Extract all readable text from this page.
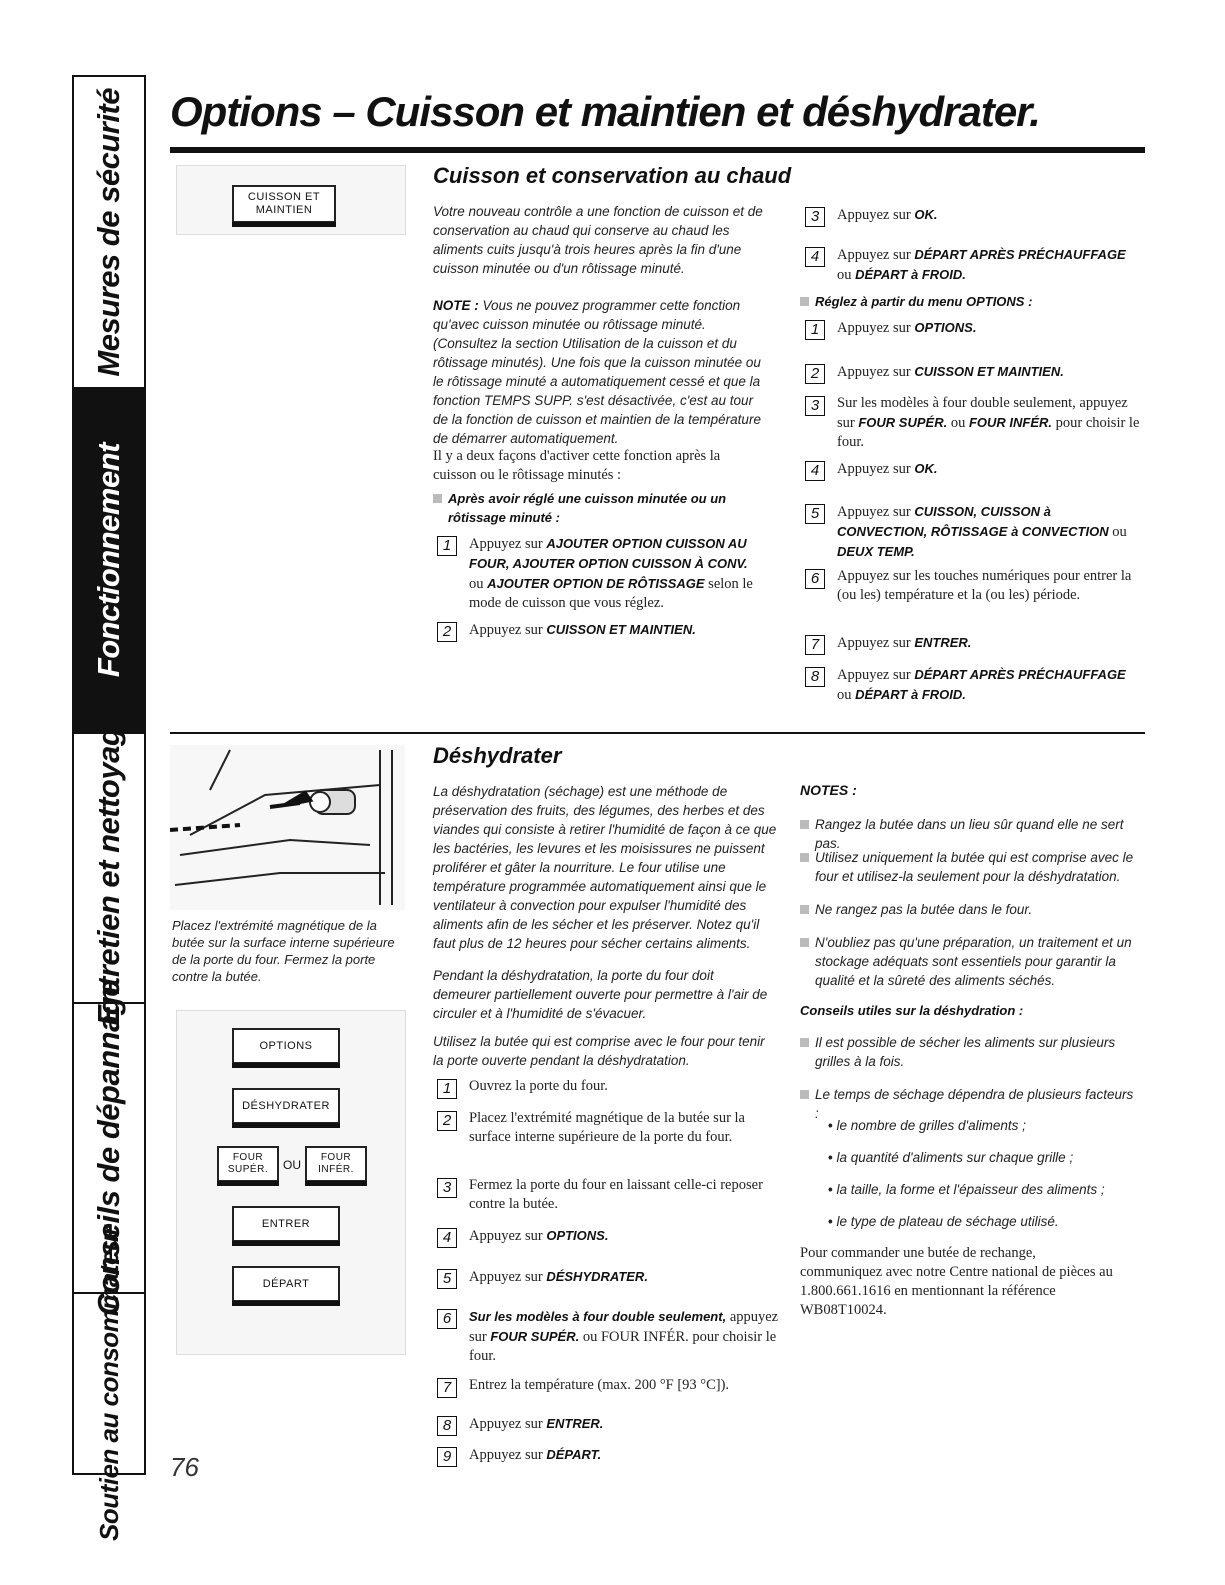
Mesures de sécurité
Fonctionnement
Entretien et nettoyage
Conseils de dépannage
Soutien au consommateur
Options – Cuisson et maintien et déshydrater.
CUISSON ET MAINTIEN
Cuisson et conservation au chaud
Votre nouveau contrôle a une fonction de cuisson et de conservation au chaud qui conserve au chaud les aliments cuits jusqu'à trois heures après la fin d'une cuisson minutée ou d'un rôtissage minuté.
NOTE : Vous ne pouvez programmer cette fonction qu'avec cuisson minutée ou rôtissage minuté. (Consultez la section Utilisation de la cuisson et du rôtissage minutés). Une fois que la cuisson minutée ou le rôtissage minuté a automatiquement cessé et que la fonction TEMPS SUPP. s'est désactivée, c'est au tour de la fonction de cuisson et maintien de la température de démarrer automatiquement.
Il y a deux façons d'activer cette fonction après la cuisson ou le rôtissage minutés :
Après avoir réglé une cuisson minutée ou un rôtissage minuté :
1	Appuyez sur AJOUTER OPTION CUISSON AU FOUR, AJOUTER OPTION CUISSON À CONV. ou AJOUTER OPTION DE RÔTISSAGE selon le mode de cuisson que vous réglez.
2	Appuyez sur CUISSON ET MAINTIEN.
3	Appuyez sur OK.
4	Appuyez sur DÉPART APRÈS PRÉCHAUFFAGE ou DÉPART à FROID.
Réglez à partir du menu OPTIONS :
1	Appuyez sur OPTIONS.
2	Appuyez sur CUISSON ET MAINTIEN.
3	Sur les modèles à four double seulement, appuyez sur FOUR SUPÉR. ou FOUR INFÉR. pour choisir le four.
4	Appuyez sur OK.
5	Appuyez sur CUISSON, CUISSON à CONVECTION, RÔTISSAGE à CONVECTION ou DEUX TEMP.
6	Appuyez sur les touches numériques pour entrer la (ou les) température et la (ou les) période.
7	Appuyez sur ENTRER.
8	Appuyez sur DÉPART APRÈS PRÉCHAUFFAGE ou DÉPART à FROID.
Placez l'extrémité magnétique de la butée sur la surface interne supérieure de la porte du four. Fermez la porte contre la butée.
OPTIONS
DÉSHYDRATER
FOUR SUPÉR. OU
FOUR INFÉR.
ENTRER
DÉPART
Déshydrater
La déshydratation (séchage) est une méthode de préservation des fruits, des légumes, des herbes et des viandes qui consiste à retirer l'humidité de façon à ce que les bactéries, les levures et les moisissures ne puissent proliférer et gâter la nourriture. Le four utilise une température programmée automatiquement ainsi que le ventilateur à convection pour expulser l'humidité des aliments afin de les sécher et les préserver. Notez qu'il faut plus de 12 heures pour sécher certains aliments.
Pendant la déshydratation, la porte du four doit demeurer partiellement ouverte pour permettre à l'air de circuler et à l'humidité de s'évacuer.
Utilisez la butée qui est comprise avec le four pour tenir la porte ouverte pendant la déshydratation.
1	Ouvrez la porte du four.
2	Placez l'extrémité magnétique de la butée sur la surface interne supérieure de la porte du four.
3	Fermez la porte du four en laissant celle-ci reposer contre la butée.
4	Appuyez sur OPTIONS.
5	Appuyez sur DÉSHYDRATER.
6	Sur les modèles à four double seulement, appuyez sur FOUR SUPÉR. ou FOUR INFÉR. pour choisir le four.
7	Entrez la température (max. 200 °F [93 °C]).
8	Appuyez sur ENTRER.
9	Appuyez sur DÉPART.
NOTES :
Rangez la butée dans un lieu sûr quand elle ne sert pas.
Utilisez uniquement la butée qui est comprise avec le four et utilisez-la seulement pour la déshydratation.
Ne rangez pas la butée dans le four.
N'oubliez pas qu'une préparation, un traitement et un stockage adéquats sont essentiels pour garantir la qualité et la sûreté des aliments séchés.
Conseils utiles sur la déshydration :
Il est possible de sécher les aliments sur plusieurs grilles à la fois.
Le temps de séchage dépendra de plusieurs facteurs :
• le nombre de grilles d'aliments ;
• la quantité d'aliments sur chaque grille ;
• la taille, la forme et l'épaisseur des aliments ;
• le type de plateau de séchage utilisé.
Pour commander une butée de rechange, communiquez avec notre Centre national de pièces au 1.800.661.1616 en mentionnant la référence WB08T10024.
76
